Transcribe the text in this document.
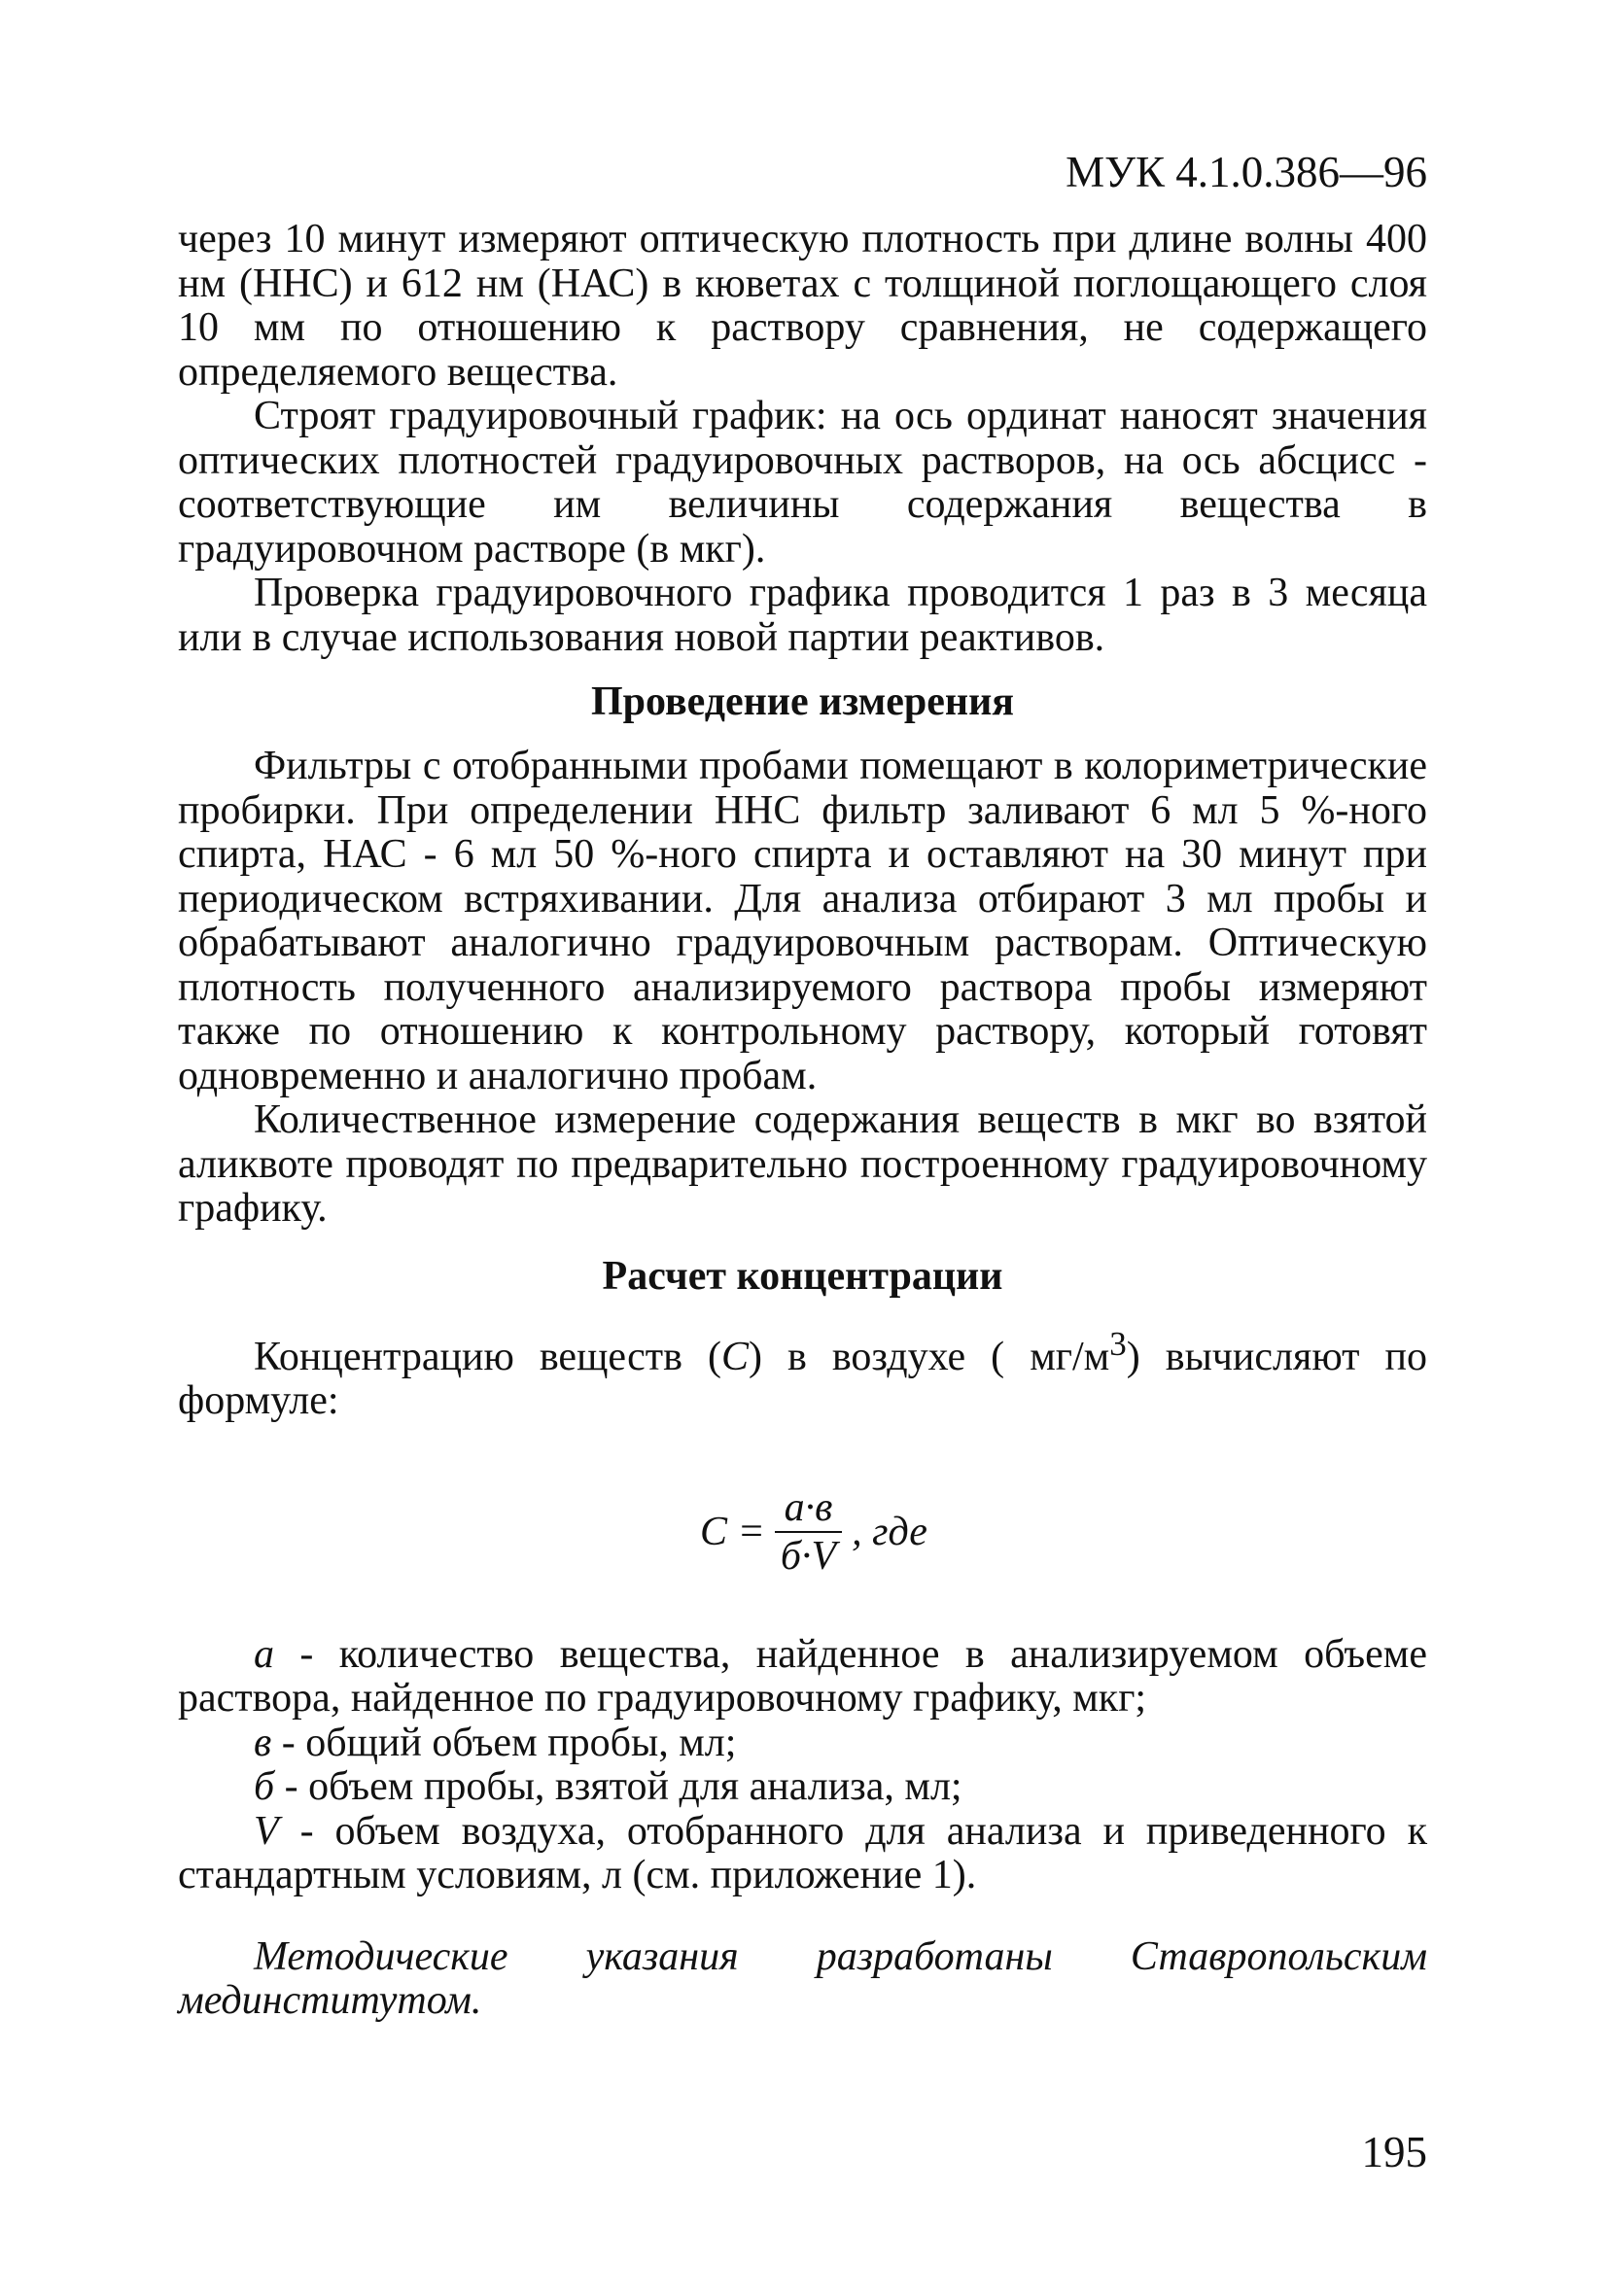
МУК 4.1.0.386—96

через 10 минут измеряют оптическую плотность при длине волны 400 нм (ННС) и 612 нм (НАС) в кюветах с толщиной поглощающего слоя 10 мм по отношению к раствору сравнения, не содержащего определяемого вещества.

Строят градуировочный график: на ось ординат наносят значения оптических плотностей градуировочных растворов, на ось абсцисс - соответствующие им величины содержания вещества в градуировочном растворе (в мкг).

Проверка градуировочного графика проводится 1 раз в 3 месяца или в случае использования новой партии реактивов.

Проведение измерения

Фильтры с отобранными пробами помещают в колориметрические пробирки. При определении ННС фильтр заливают 6 мл 5 %-ного спирта, НАС - 6 мл 50 %-ного спирта и оставляют на 30 минут при периодическом встряхивании. Для анализа отбирают 3 мл пробы и обрабатывают аналогично градуировочным растворам. Оптическую плотность полученного анализируемого раствора пробы измеряют также по отношению к контрольному раствору, который готовят одновременно и аналогично пробам.

Количественное измерение содержания веществ в мкг во взятой аликвоте проводят по предварительно построенному градуировочному графику.

Расчет концентрации

Концентрацию веществ (C) в воздухе ( $мг/м^3$) вычисляют по формуле:

$C = \frac{a\cdot в}{б\cdot V}$ , где

a - количество вещества, найденное в анализируемом объеме раствора, найденное по градуировочному графику, мкг;

в - общий объем пробы, мл;

б - объем пробы, взятой для анализа, мл;

V - объем воздуха, отобранного для анализа и приведенного к стандартным условиям, л (см. приложение 1).

Методические указания разработаны Ставропольским мединститутом.

195
